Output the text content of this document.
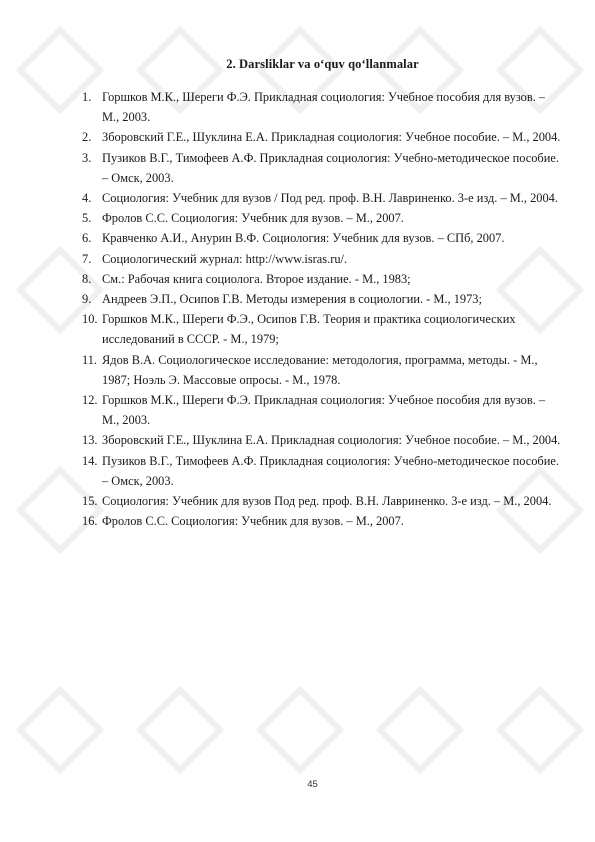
2. Darsliklar va o‘quv qo‘llanmalar
1. Горшков М.К., Шереги Ф.Э. Прикладная социология: Учебное пособия для вузов. – М., 2003.
2. Зборовский Г.Е., Шуклина Е.А. Прикладная социология: Учебное пособие. – М., 2004.
3. Пузиков В.Г., Тимофеев А.Ф. Прикладная социология: Учебно-методическое пособие. – Омск, 2003.
4. Социология: Учебник для вузов / Под ред. проф. В.Н. Лавриненко. 3-е изд. – М., 2004.
5. Фролов С.С. Социология: Учебник для вузов. – М., 2007.
6. Кравченко А.И., Анурин В.Ф. Социология: Учебник для вузов. – СПб, 2007.
7. Социологический журнал: http://www.isras.ru/.
8. См.: Рабочая книга социолога. Второе издание. - М., 1983;
9. Андреев Э.П., Осипов Г.В. Методы измерения в социологии. - М., 1973;
10. Горшков М.К., Шереги Ф.Э., Осипов Г.В. Теория и практика социологических исследований в СССР. - М., 1979;
11. Ядов В.А. Социологическое исследование: методология, программа, методы. - М., 1987; Ноэль Э. Массовые опросы. - М., 1978.
12. Горшков М.К., Шереги Ф.Э. Прикладная социология: Учебное пособия для вузов. – М., 2003.
13. Зборовский Г.Е., Шуклина Е.А. Прикладная социология: Учебное пособие. – М., 2004.
14. Пузиков В.Г., Тимофеев А.Ф. Прикладная социология: Учебно-методическое пособие. – Омск, 2003.
15. Социология: Учебник для вузов Под ред. проф. В.Н. Лавриненко. 3-е изд. – М., 2004.
16. Фролов С.С. Социология: Учебник для вузов. – М., 2007.
45
